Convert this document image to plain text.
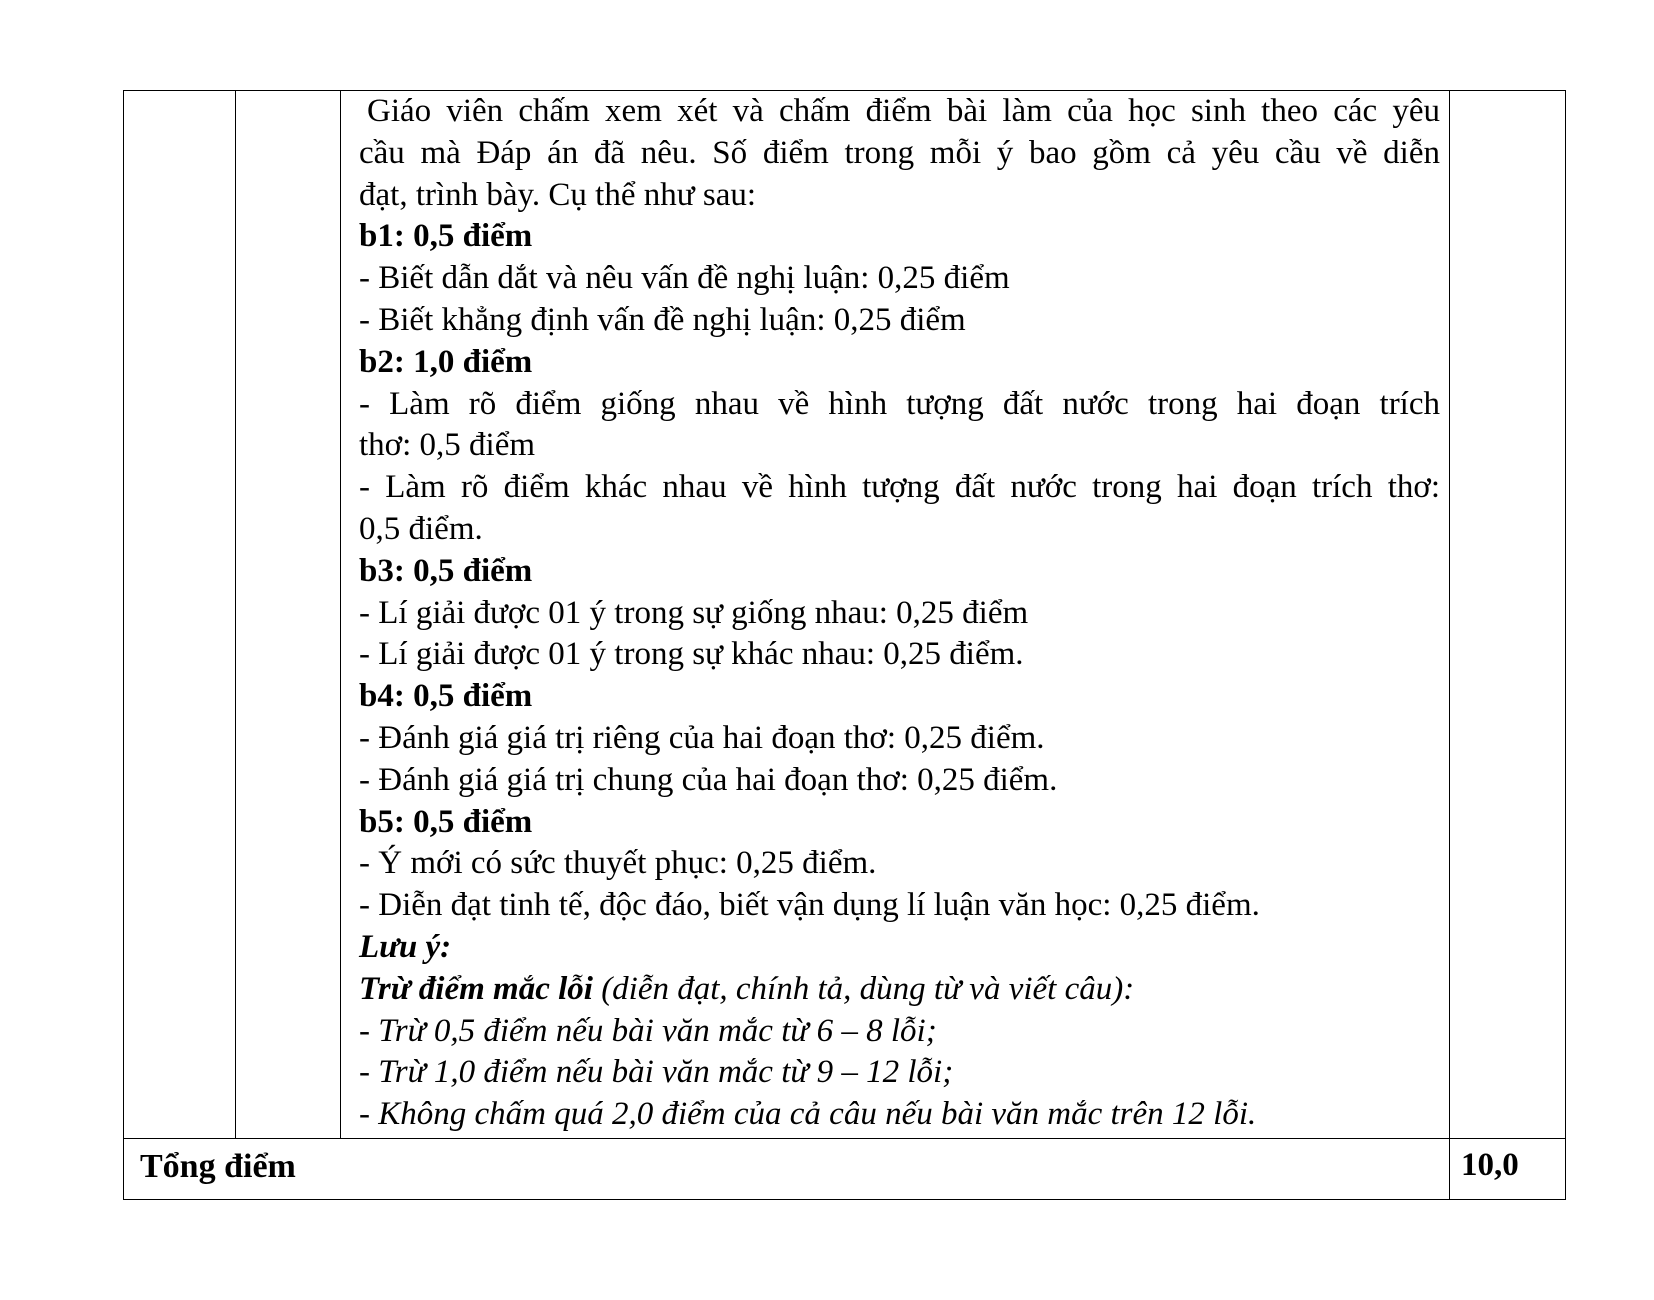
Giáo viên chấm xem xét và chấm điểm bài làm của học sinh theo các yêu
cầu mà Đáp án đã nêu. Số điểm trong mỗi ý bao gồm cả yêu cầu về diễn
đạt, trình bày. Cụ thể như sau:
b1: 0,5 điểm
- Biết dẫn dắt và nêu vấn đề nghị luận: 0,25 điểm
- Biết khẳng định vấn đề nghị luận: 0,25 điểm
b2: 1,0 điểm
- Làm rõ điểm giống nhau về hình tượng đất nước trong hai đoạn trích
thơ: 0,5 điểm
- Làm rõ điểm khác nhau về hình tượng đất nước trong hai đoạn trích thơ:
0,5 điểm.
b3: 0,5 điểm
- Lí giải được 01 ý trong sự giống nhau: 0,25 điểm
- Lí giải được 01 ý trong sự khác nhau: 0,25 điểm.
b4: 0,5 điểm
- Đánh giá giá trị riêng của hai đoạn thơ: 0,25 điểm.
- Đánh giá giá trị chung của hai đoạn thơ: 0,25 điểm.
b5: 0,5 điểm
- Ý mới có sức thuyết phục: 0,25 điểm.
- Diễn đạt tinh tế, độc đáo, biết vận dụng lí luận văn học: 0,25 điểm.
Lưu ý:
Trừ điểm mắc lỗi (diễn đạt, chính tả, dùng từ và viết câu):
- Trừ 0,5 điểm nếu bài văn mắc từ 6 – 8 lỗi;
- Trừ 1,0 điểm nếu bài văn mắc từ 9 – 12 lỗi;
- Không chấm quá 2,0 điểm của cả câu nếu bài văn mắc trên 12 lỗi.
Tổng điểm	10,0
